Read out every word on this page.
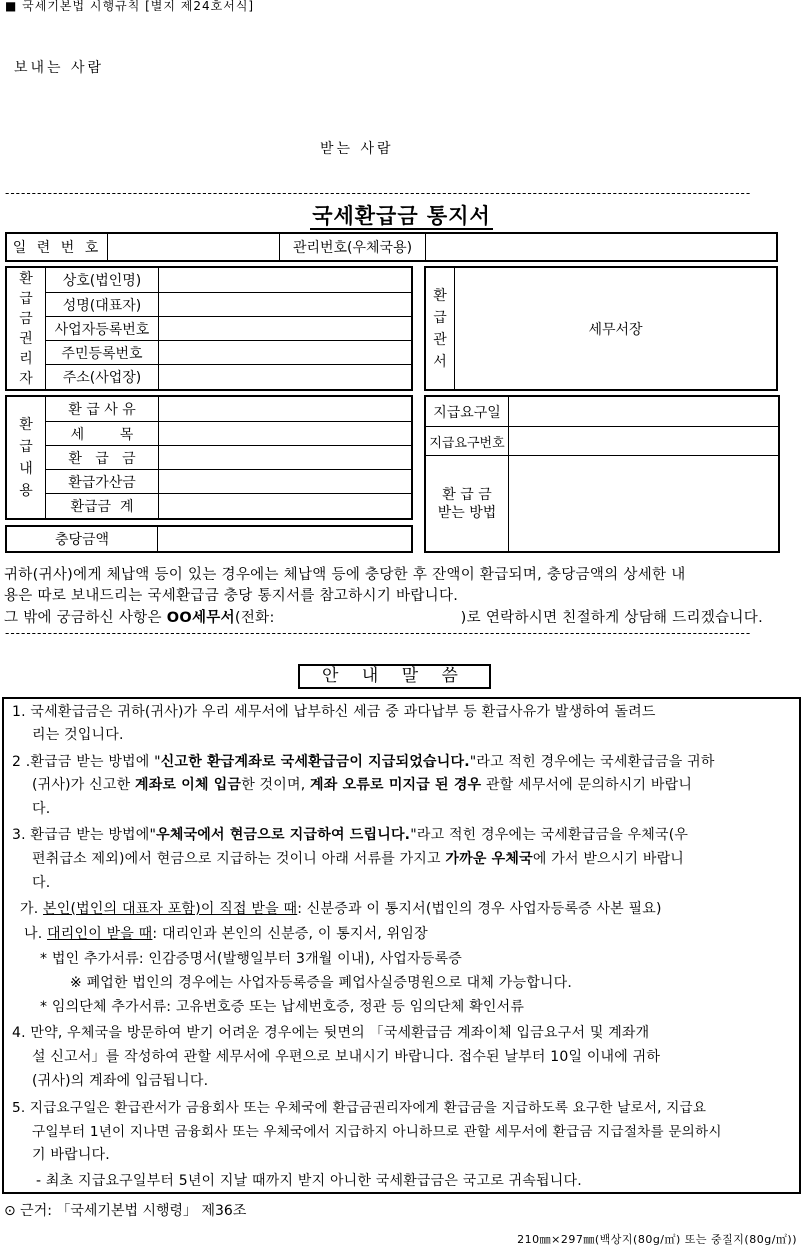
■ 국세기본법 시행규칙 [별지 제24호서식]
보내는 사람
받는 사람
--------------------------------------------------------------------------------------------------------------------------------------------
국세환급금 통지서
일 련 번 호	관리번호(우체국용)
환
급
금
권
리
자
상호(법인명)
성명(대표자)
사업자등록번호
주민등록번호
주소(사업장)
환
급
관
서
세무서장
환
급
내
용
환 급 사 유
세        목
환   급   금
환급가산금
환급금  계
충당금액
지급요구일
지급요구번호
환 급 금
받는 방법
귀하(귀사)에게 체납액 등이 있는 경우에는 체납액 등에 충당한 후 잔액이 환급되며, 충당금액의 상세한 내
용은 따로 보내드리는 국세환급금 충당 통지서를 참고하시기 바랍니다.
그 밖에 궁금하신 사항은 OO세무서(전화:	)로 연락하시면 친절하게 상담해 드리겠습니다.
--------------------------------------------------------------------------------------------------------------------------------------------
안 내 말 씀
1. 국세환급금은 귀하(귀사)가 우리 세무서에 납부하신 세금 중 과다납부 등 환급사유가 발생하여 돌려드
리는 것입니다.
2 .환급금 받는 방법에 "신고한 환급계좌로 국세환급금이 지급되었습니다."라고 적힌 경우에는 국세환급금을 귀하
(귀사)가 신고한 계좌로 이체 입금한 것이며, 계좌 오류로 미지급 된 경우 관할 세무서에 문의하시기 바랍니
다.
3. 환급금 받는 방법에"우체국에서 현금으로 지급하여 드립니다."라고 적힌 경우에는 국세환급금을 우체국(우
편취급소 제외)에서 현금으로 지급하는 것이니 아래 서류를 가지고 가까운 우체국에 가서 받으시기 바랍니
다.
가. 본인(법인의 대표자 포함)이 직접 받을 때: 신분증과 이 통지서(법인의 경우 사업자등록증 사본 필요)
나. 대리인이 받을 때: 대리인과 본인의 신분증, 이 통지서, 위임장
* 법인 추가서류: 인감증명서(발행일부터 3개월 이내), 사업자등록증
※ 폐업한 법인의 경우에는 사업자등록증을 폐업사실증명원으로 대체 가능합니다.
* 임의단체 추가서류: 고유번호증 또는 납세번호증, 정관 등 임의단체 확인서류
4. 만약, 우체국을 방문하여 받기 어려운 경우에는 뒷면의 「국세환급금 계좌이체 입금요구서 및 계좌개
설 신고서」를 작성하여 관할 세무서에 우편으로 보내시기 바랍니다. 접수된 날부터 10일 이내에 귀하
(귀사)의 계좌에 입금됩니다.
5. 지급요구일은 환급관서가 금융회사 또는 우체국에 환급금권리자에게 환급금을 지급하도록 요구한 날로서, 지급요
구일부터 1년이 지나면 금융회사 또는 우체국에서 지급하지 아니하므로 관할 세무서에 환급금 지급절차를 문의하시
기 바랍니다.
- 최초 지급요구일부터 5년이 지날 때까지 받지 아니한 국세환급금은 국고로 귀속됩니다.
⊙ 근거: 「국세기본법 시행령」 제36조
210㎜×297㎜(백상지(80g/㎡) 또는 중질지(80g/㎡))
